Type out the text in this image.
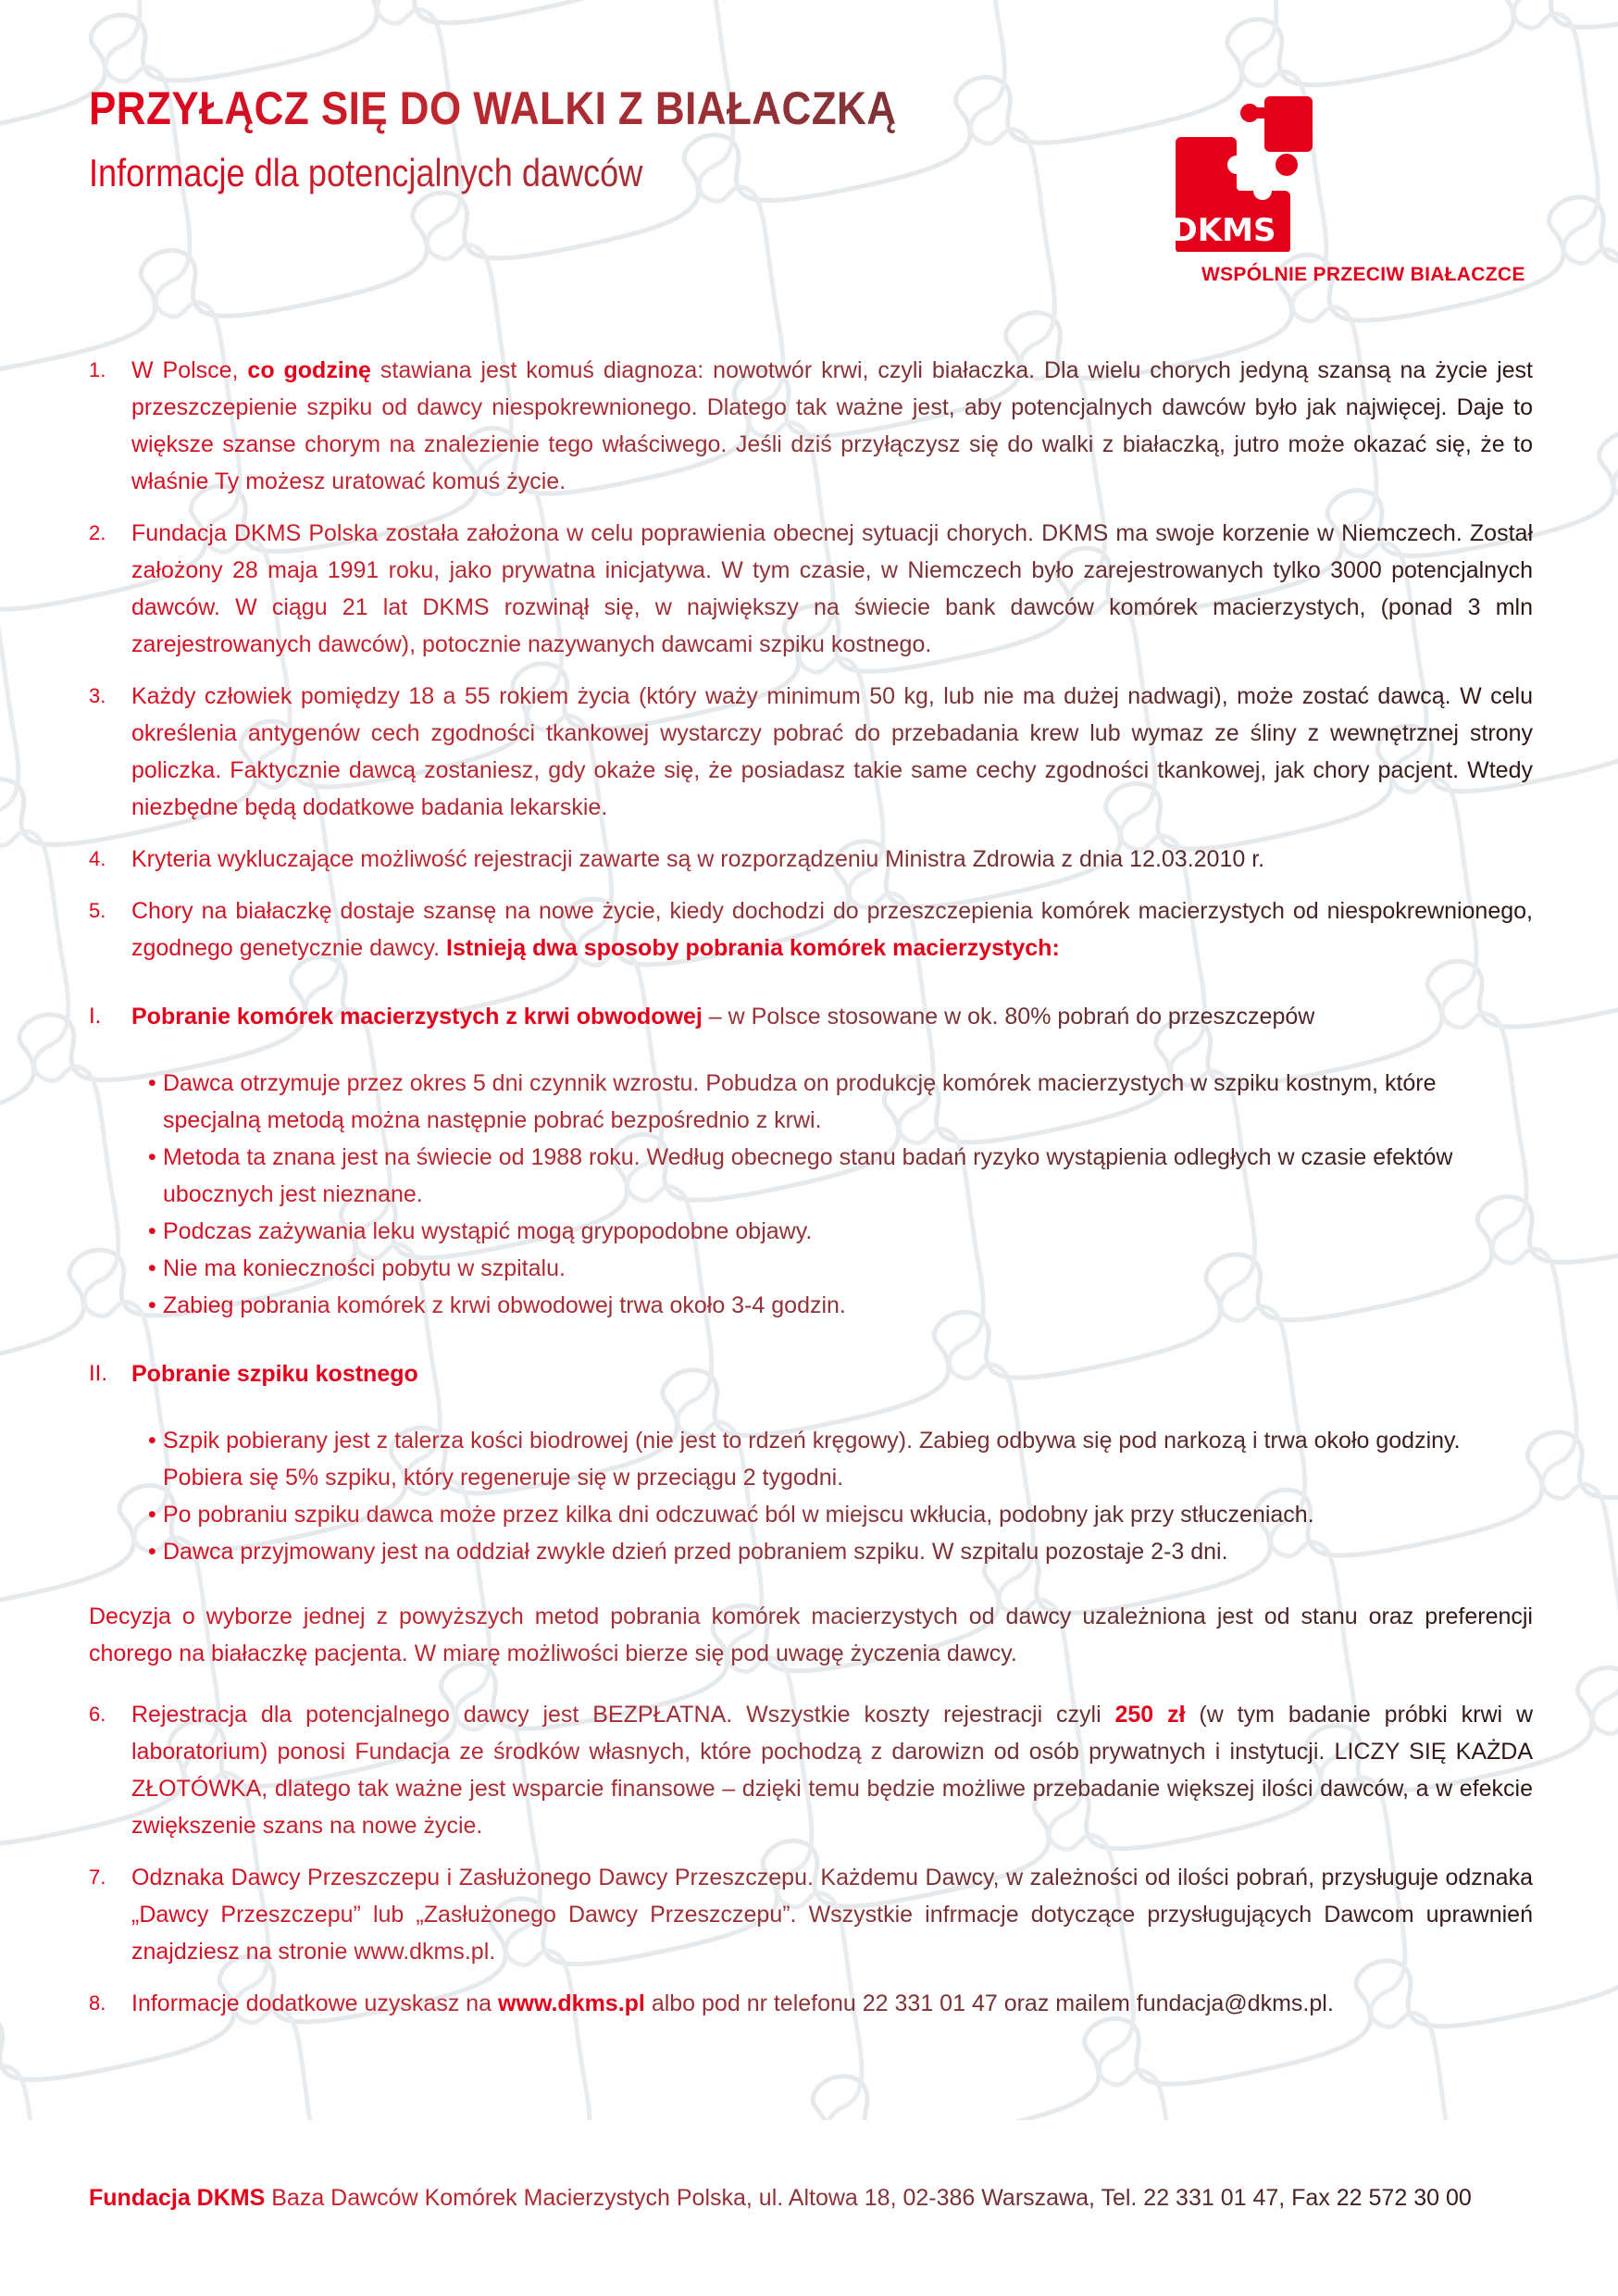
PRZYŁĄCZ SIĘ DO WALKI Z BIAŁACZKĄ
Informacje dla potencjalnych dawców
DKMS
WSPÓLNIE PRZECIW BIAŁACZCE
1.	W Polsce, co godzinę stawiana jest komuś diagnoza: nowotwór krwi, czyli białaczka. Dla wielu chorych jedyną szansą na życie jest przeszczepienie szpiku od dawcy niespokrewnionego. Dlatego tak ważne jest, aby potencjalnych dawców było jak najwięcej. Daje to większe szanse chorym na znalezienie tego właściwego. Jeśli dziś przyłączysz się do walki z białaczką, jutro może okazać się, że to właśnie Ty możesz uratować komuś życie.
2.	Fundacja DKMS Polska została założona w celu poprawienia obecnej sytuacji chorych. DKMS ma swoje korzenie w Niemczech. Został założony 28 maja 1991 roku, jako prywatna inicjatywa. W tym czasie, w Niemczech było zarejestrowanych tylko 3000 potencjalnych dawców. W ciągu 21 lat DKMS rozwinął się, w największy na świecie bank dawców komórek macierzystych, (ponad 3 mln zarejestrowanych dawców), potocznie nazywanych dawcami szpiku kostnego.
3.	Każdy człowiek pomiędzy 18 a 55 rokiem życia (który waży minimum 50 kg, lub nie ma dużej nadwagi), może zostać dawcą. W celu określenia antygenów cech zgodności tkankowej wystarczy pobrać do przebadania krew lub wymaz ze śliny z wewnętrznej strony policzka. Faktycznie dawcą zostaniesz, gdy okaże się, że posiadasz takie same cechy zgodności tkankowej, jak chory pacjent. Wtedy niezbędne będą dodatkowe badania lekarskie.
4.	Kryteria wykluczające możliwość rejestracji zawarte są w rozporządzeniu Ministra Zdrowia z dnia 12.03.2010 r.
5.	Chory na białaczkę dostaje szansę na nowe życie, kiedy dochodzi do przeszczepienia komórek macierzystych od niespokrewnionego, zgodnego genetycznie dawcy. Istnieją dwa sposoby pobrania komórek macierzystych:
I.	Pobranie komórek macierzystych z krwi obwodowej – w Polsce stosowane w ok. 80% pobrań do przeszczepów
• Dawca otrzymuje przez okres 5 dni czynnik wzrostu. Pobudza on produkcję komórek macierzystych w szpiku kostnym, które specjalną metodą można następnie pobrać bezpośrednio z krwi.
• Metoda ta znana jest na świecie od 1988 roku. Według obecnego stanu badań ryzyko wystąpienia odległych w czasie efektów ubocznych jest nieznane.
• Podczas zażywania leku wystąpić mogą grypopodobne objawy.
• Nie ma konieczności pobytu w szpitalu.
• Zabieg pobrania komórek z krwi obwodowej trwa około 3-4 godzin.
II.	Pobranie szpiku kostnego
• Szpik pobierany jest z talerza kości biodrowej (nie jest to rdzeń kręgowy). Zabieg odbywa się pod narkozą i trwa około godziny. Pobiera się 5% szpiku, który regeneruje się w przeciągu 2 tygodni.
• Po pobraniu szpiku dawca może przez kilka dni odczuwać ból w miejscu wkłucia, podobny jak przy stłuczeniach.
• Dawca przyjmowany jest na oddział zwykle dzień przed pobraniem szpiku. W szpitalu pozostaje 2-3 dni.
Decyzja o wyborze jednej z powyższych metod pobrania komórek macierzystych od dawcy uzależniona jest od stanu oraz preferencji chorego na białaczkę pacjenta. W miarę możliwości bierze się pod uwagę życzenia dawcy.
6.	Rejestracja dla potencjalnego dawcy jest BEZPŁATNA. Wszystkie koszty rejestracji czyli 250 zł (w tym badanie próbki krwi w laboratorium) ponosi Fundacja ze środków własnych, które pochodzą z darowizn od osób prywatnych i instytucji. LICZY SIĘ KAŻDA ZŁOTÓWKA, dlatego tak ważne jest wsparcie finansowe – dzięki temu będzie możliwe przebadanie większej ilości dawców, a w efekcie zwiększenie szans na nowe życie.
7.	Odznaka Dawcy Przeszczepu i Zasłużonego Dawcy Przeszczepu. Każdemu Dawcy, w zależności od ilości pobrań, przysługuje odznaka „Dawcy Przeszczepu” lub „Zasłużonego Dawcy Przeszczepu”. Wszystkie infrmacje dotyczące przysługujących Dawcom uprawnień znajdziesz na stronie www.dkms.pl.
8.	Informacje dodatkowe uzyskasz na www.dkms.pl albo pod nr telefonu 22 331 01 47 oraz mailem fundacja@dkms.pl.
Fundacja DKMS Baza Dawców Komórek Macierzystych Polska, ul. Altowa 18, 02-386 Warszawa, Tel. 22 331 01 47, Fax 22 572 30 00
